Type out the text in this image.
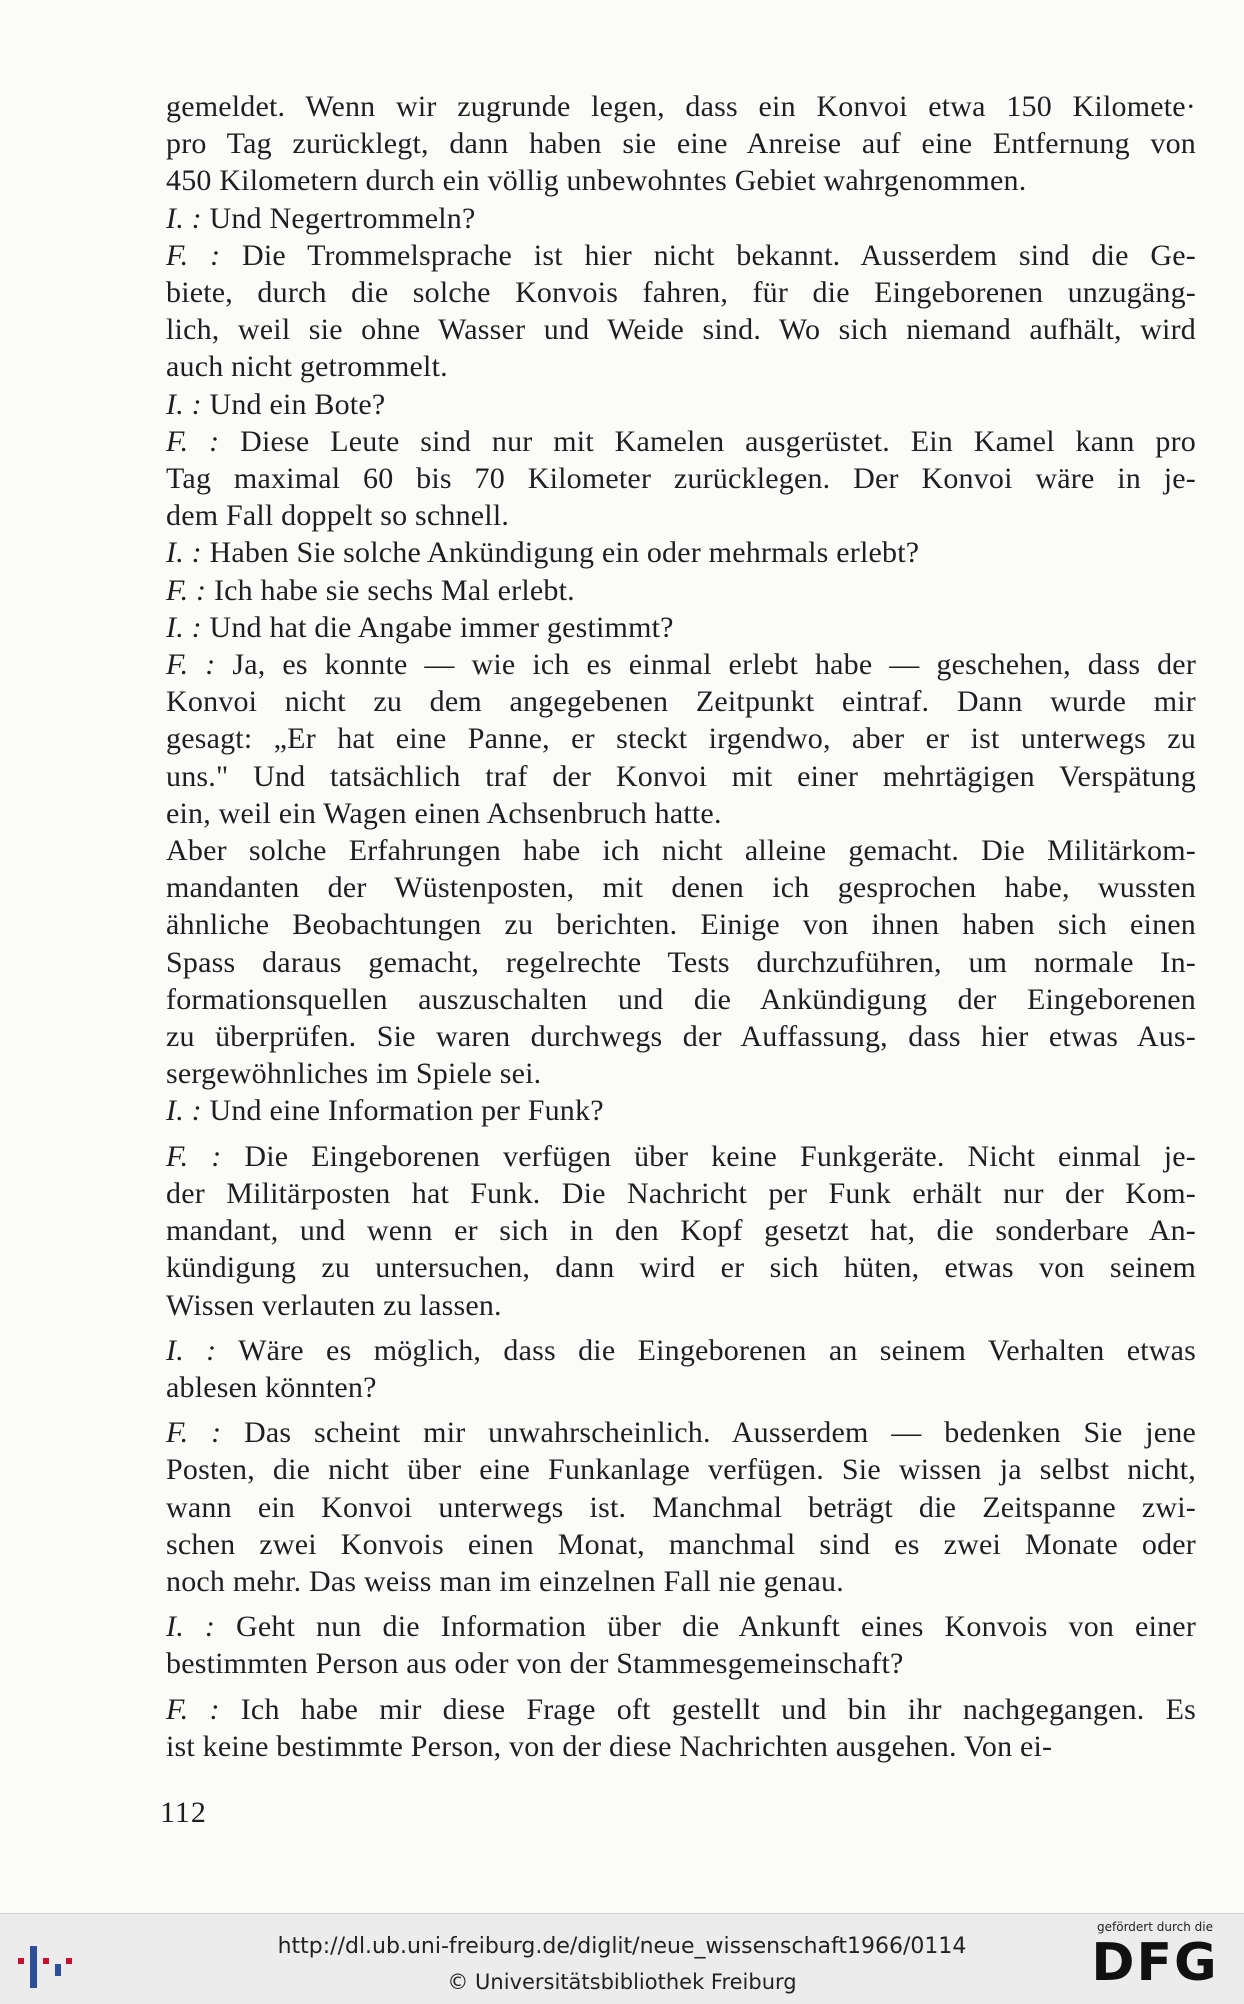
gemeldet. Wenn wir zugrunde legen, dass ein Konvoi etwa 150 Kilomete·
pro Tag zurücklegt, dann haben sie eine Anreise auf eine Entfernung von
450 Kilometern durch ein völlig unbewohntes Gebiet wahrgenommen.
I. : Und Negertrommeln?
F. : Die Trommelsprache ist hier nicht bekannt. Ausserdem sind die Ge-
biete, durch die solche Konvois fahren, für die Eingeborenen unzugäng-
lich, weil sie ohne Wasser und Weide sind. Wo sich niemand aufhält, wird
auch nicht getrommelt.
I. : Und ein Bote?
F. : Diese Leute sind nur mit Kamelen ausgerüstet. Ein Kamel kann pro
Tag maximal 60 bis 70 Kilometer zurücklegen. Der Konvoi wäre in je-
dem Fall doppelt so schnell.
I. : Haben Sie solche Ankündigung ein oder mehrmals erlebt?
F. : Ich habe sie sechs Mal erlebt.
I. : Und hat die Angabe immer gestimmt?
F. : Ja, es konnte — wie ich es einmal erlebt habe — geschehen, dass der
Konvoi nicht zu dem angegebenen Zeitpunkt eintraf. Dann wurde mir
gesagt: „Er hat eine Panne, er steckt irgendwo, aber er ist unterwegs zu
uns." Und tatsächlich traf der Konvoi mit einer mehrtägigen Verspätung
ein, weil ein Wagen einen Achsenbruch hatte.
Aber solche Erfahrungen habe ich nicht alleine gemacht. Die Militärkom-
mandanten der Wüstenposten, mit denen ich gesprochen habe, wussten
ähnliche Beobachtungen zu berichten. Einige von ihnen haben sich einen
Spass daraus gemacht, regelrechte Tests durchzuführen, um normale In-
formationsquellen auszuschalten und die Ankündigung der Eingeborenen
zu überprüfen. Sie waren durchwegs der Auffassung, dass hier etwas Aus-
sergewöhnliches im Spiele sei.
I. : Und eine Information per Funk?
F. : Die Eingeborenen verfügen über keine Funkgeräte. Nicht einmal je-
der Militärposten hat Funk. Die Nachricht per Funk erhält nur der Kom-
mandant, und wenn er sich in den Kopf gesetzt hat, die sonderbare An-
kündigung zu untersuchen, dann wird er sich hüten, etwas von seinem
Wissen verlauten zu lassen.
I. : Wäre es möglich, dass die Eingeborenen an seinem Verhalten etwas
ablesen könnten?
F. : Das scheint mir unwahrscheinlich. Ausserdem — bedenken Sie jene
Posten, die nicht über eine Funkanlage verfügen. Sie wissen ja selbst nicht,
wann ein Konvoi unterwegs ist. Manchmal beträgt die Zeitspanne zwi-
schen zwei Konvois einen Monat, manchmal sind es zwei Monate oder
noch mehr. Das weiss man im einzelnen Fall nie genau.
I. : Geht nun die Information über die Ankunft eines Konvois von einer
bestimmten Person aus oder von der Stammesgemeinschaft?
F. : Ich habe mir diese Frage oft gestellt und bin ihr nachgegangen. Es
ist keine bestimmte Person, von der diese Nachrichten ausgehen. Von ei-
112
http://dl.ub.uni-freiburg.de/diglit/neue_wissenschaft1966/0114
© Universitätsbibliothek Freiburg
gefördert durch die
DFG
